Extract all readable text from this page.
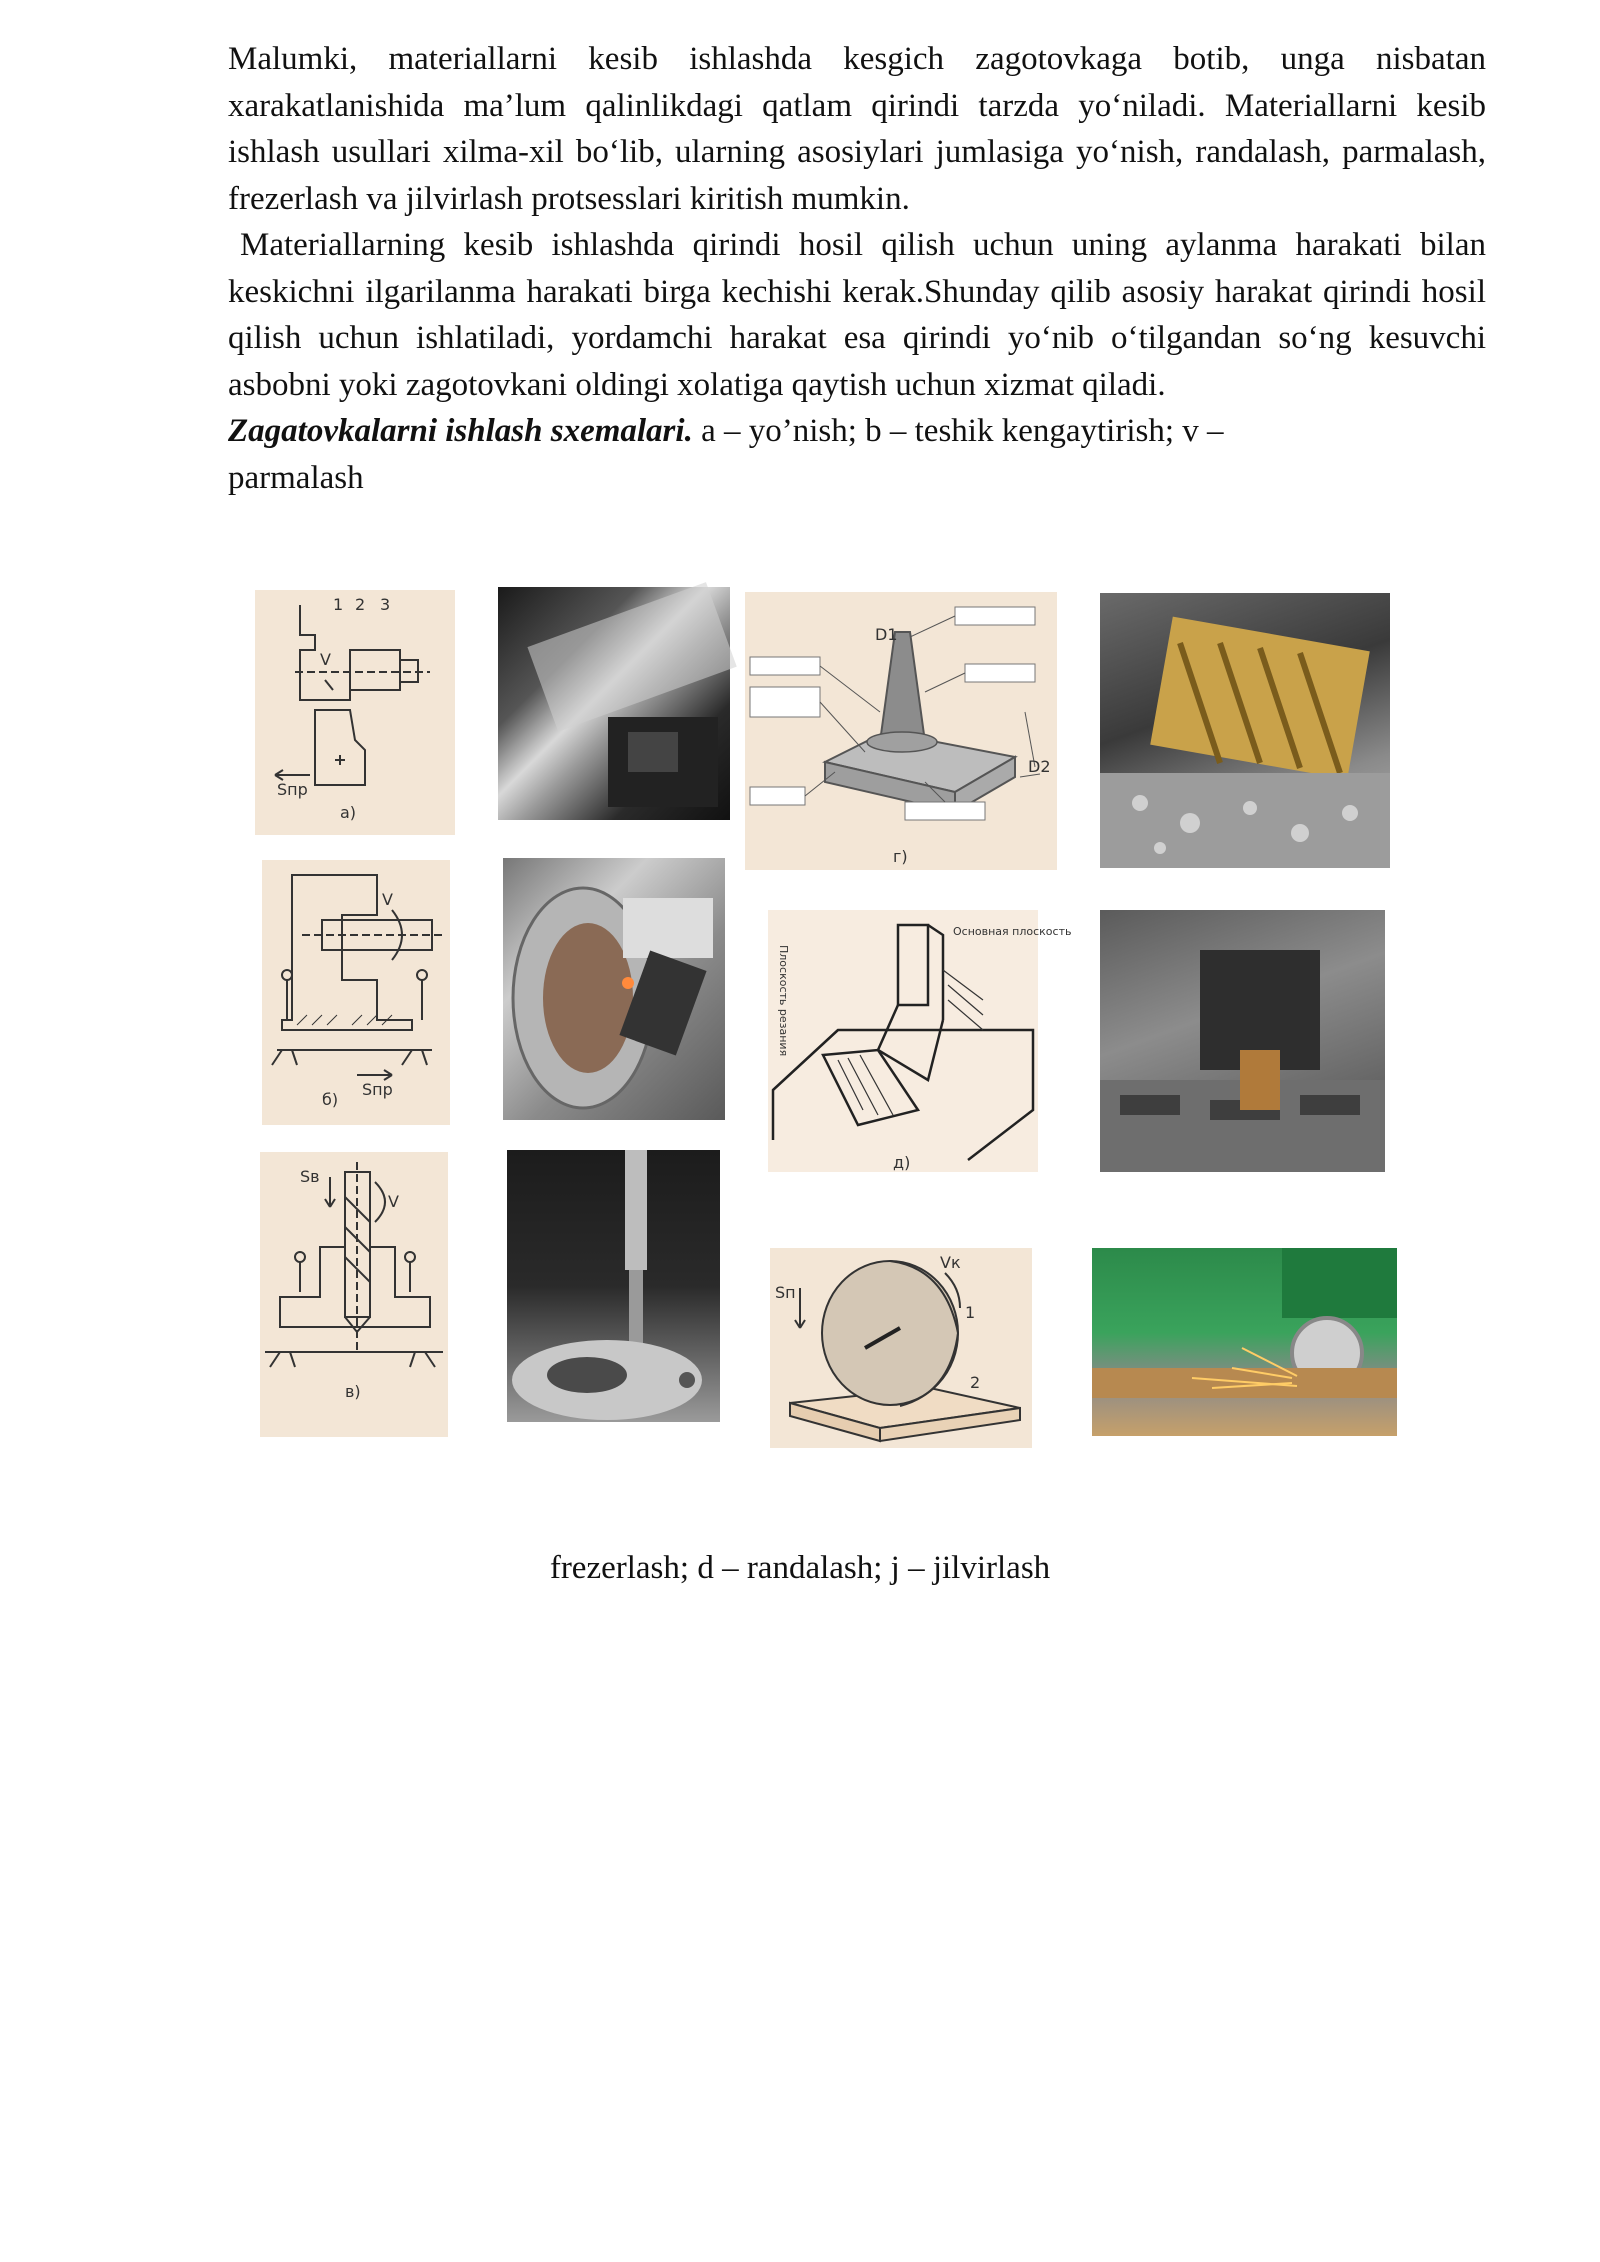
Malumki, materiallarni kesib ishlashda kesgich zagotovkaga botib, unga nisbatan xarakatlanishida ma’lum qalinlikdagi qatlam qirindi tarzda yo‘niladi. Materiallarni kesib ishlash usullari xilma-xil bo‘lib, ularning asosiylari jumlasiga yo‘nish, randalash, parmalash, frezerlash va jilvirlash protsesslari kiritish mumkin.

Materiallarning kesib ishlashda qirindi hosil qilish uchun uning aylanma harakati bilan keskichni ilgarilanma harakati birga kechishi kerak.Shunday qilib asosiy harakat qirindi hosil qilish uchun ishlatiladi, yordamchi harakat esa qirindi yo‘nib o‘tilgandan so‘ng kesuvchi asbobni yoki zagotovkani oldingi xolatiga qaytish uchun xizmat qiladi.

Zagatovkalarni ishlash sxemalari. a – yo’nish; b – teshik kengaytirish; v –
parmalash

1 2 3
V
Sпр
а)
D1
D2
г)
V
Sпр
б)
Плоскость резания
Основная плоскость
д)
Sв
V
в)
Sп
Vк
1
2
frezerlash; d – randalash; j – jilvirlash
